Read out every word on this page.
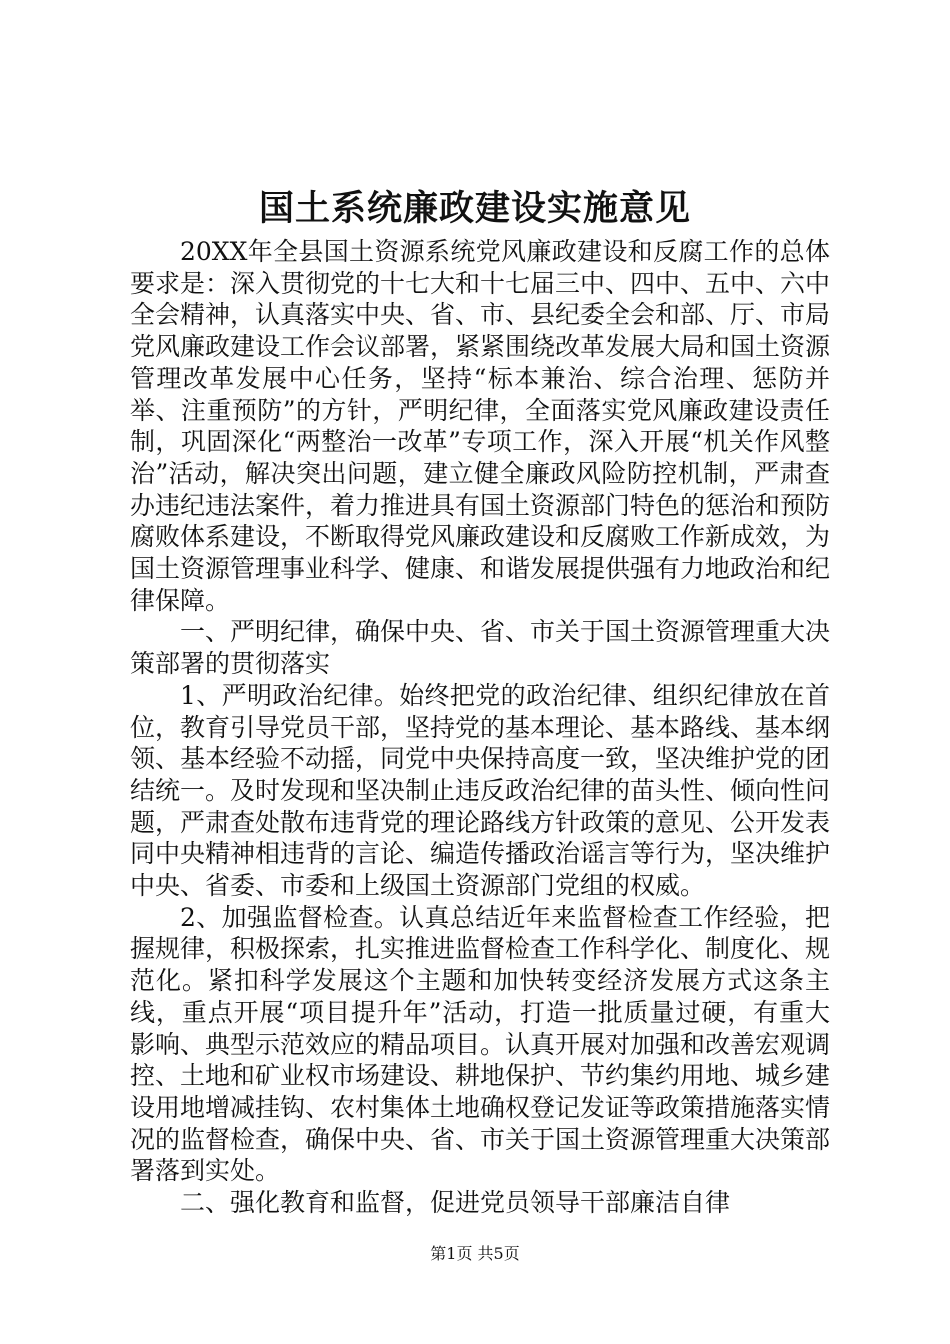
国土系统廉政建设实施意见

20XX年全县国土资源系统党风廉政建设和反腐工作的总体要求是：深入贯彻党的十七大和十七届三中、四中、五中、六中全会精神，认真落实中央、省、市、县纪委全会和部、厅、市局党风廉政建设工作会议部署，紧紧围绕改革发展大局和国土资源管理改革发展中心任务，坚持“标本兼治、综合治理、惩防并举、注重预防”的方针，严明纪律，全面落实党风廉政建设责任制，巩固深化“两整治一改革”专项工作，深入开展“机关作风整治”活动，解决突出问题，建立健全廉政风险防控机制，严肃查办违纪违法案件，着力推进具有国土资源部门特色的惩治和预防腐败体系建设，不断取得党风廉政建设和反腐败工作新成效，为国土资源管理事业科学、健康、和谐发展提供强有力地政治和纪律保障。

一、严明纪律，确保中央、省、市关于国土资源管理重大决策部署的贯彻落实

1、严明政治纪律。始终把党的政治纪律、组织纪律放在首位，教育引导党员干部，坚持党的基本理论、基本路线、基本纲领、基本经验不动摇，同党中央保持高度一致，坚决维护党的团结统一。及时发现和坚决制止违反政治纪律的苗头性、倾向性问题，严肃查处散布违背党的理论路线方针政策的意见、公开发表同中央精神相违背的言论、编造传播政治谣言等行为，坚决维护中央、省委、市委和上级国土资源部门党组的权威。

2、加强监督检查。认真总结近年来监督检查工作经验，把握规律，积极探索，扎实推进监督检查工作科学化、制度化、规范化。紧扣科学发展这个主题和加快转变经济发展方式这条主线，重点开展“项目提升年”活动，打造一批质量过硬，有重大影响、典型示范效应的精品项目。认真开展对加强和改善宏观调控、土地和矿业权市场建设、耕地保护、节约集约用地、城乡建设用地增减挂钩、农村集体土地确权登记发证等政策措施落实情况的监督检查，确保中央、省、市关于国土资源管理重大决策部署落到实处。

二、强化教育和监督，促进党员领导干部廉洁自律

第1页 共5页
